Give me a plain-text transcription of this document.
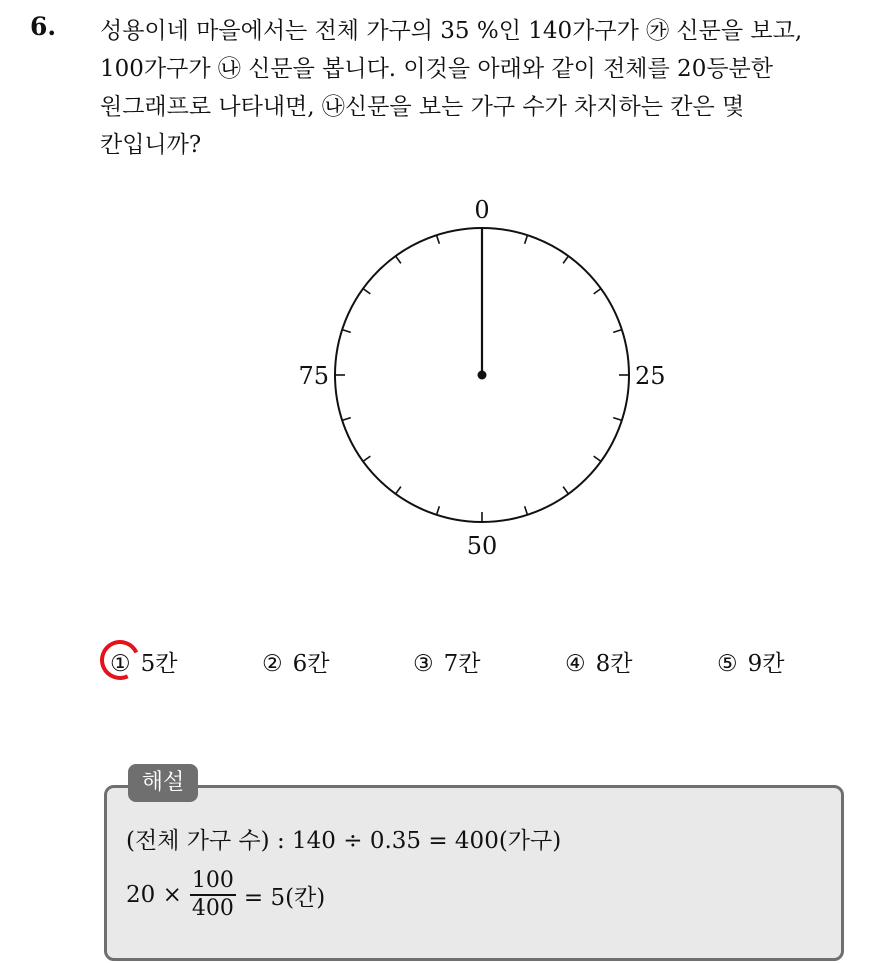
6. 성용이네 마을에서는 전체 가구의 35 %인 140가구가 ㉮ 신문을 보고,
100가구가 ㉯ 신문을 봅니다. 이것을 아래와 같이 전체를 20등분한
원그래프로 나타내면, ㉯신문을 보는 가구 수가 차지하는 칸은 몇
칸입니까?
0
25
50
75
① 5칸	② 6칸	③ 7칸	④ 8칸	⑤ 9칸
해설
(전체 가구 수) : 140 ÷ 0.35 = 400(가구)
$20 \times \frac{100}{400} = 5$(칸)
